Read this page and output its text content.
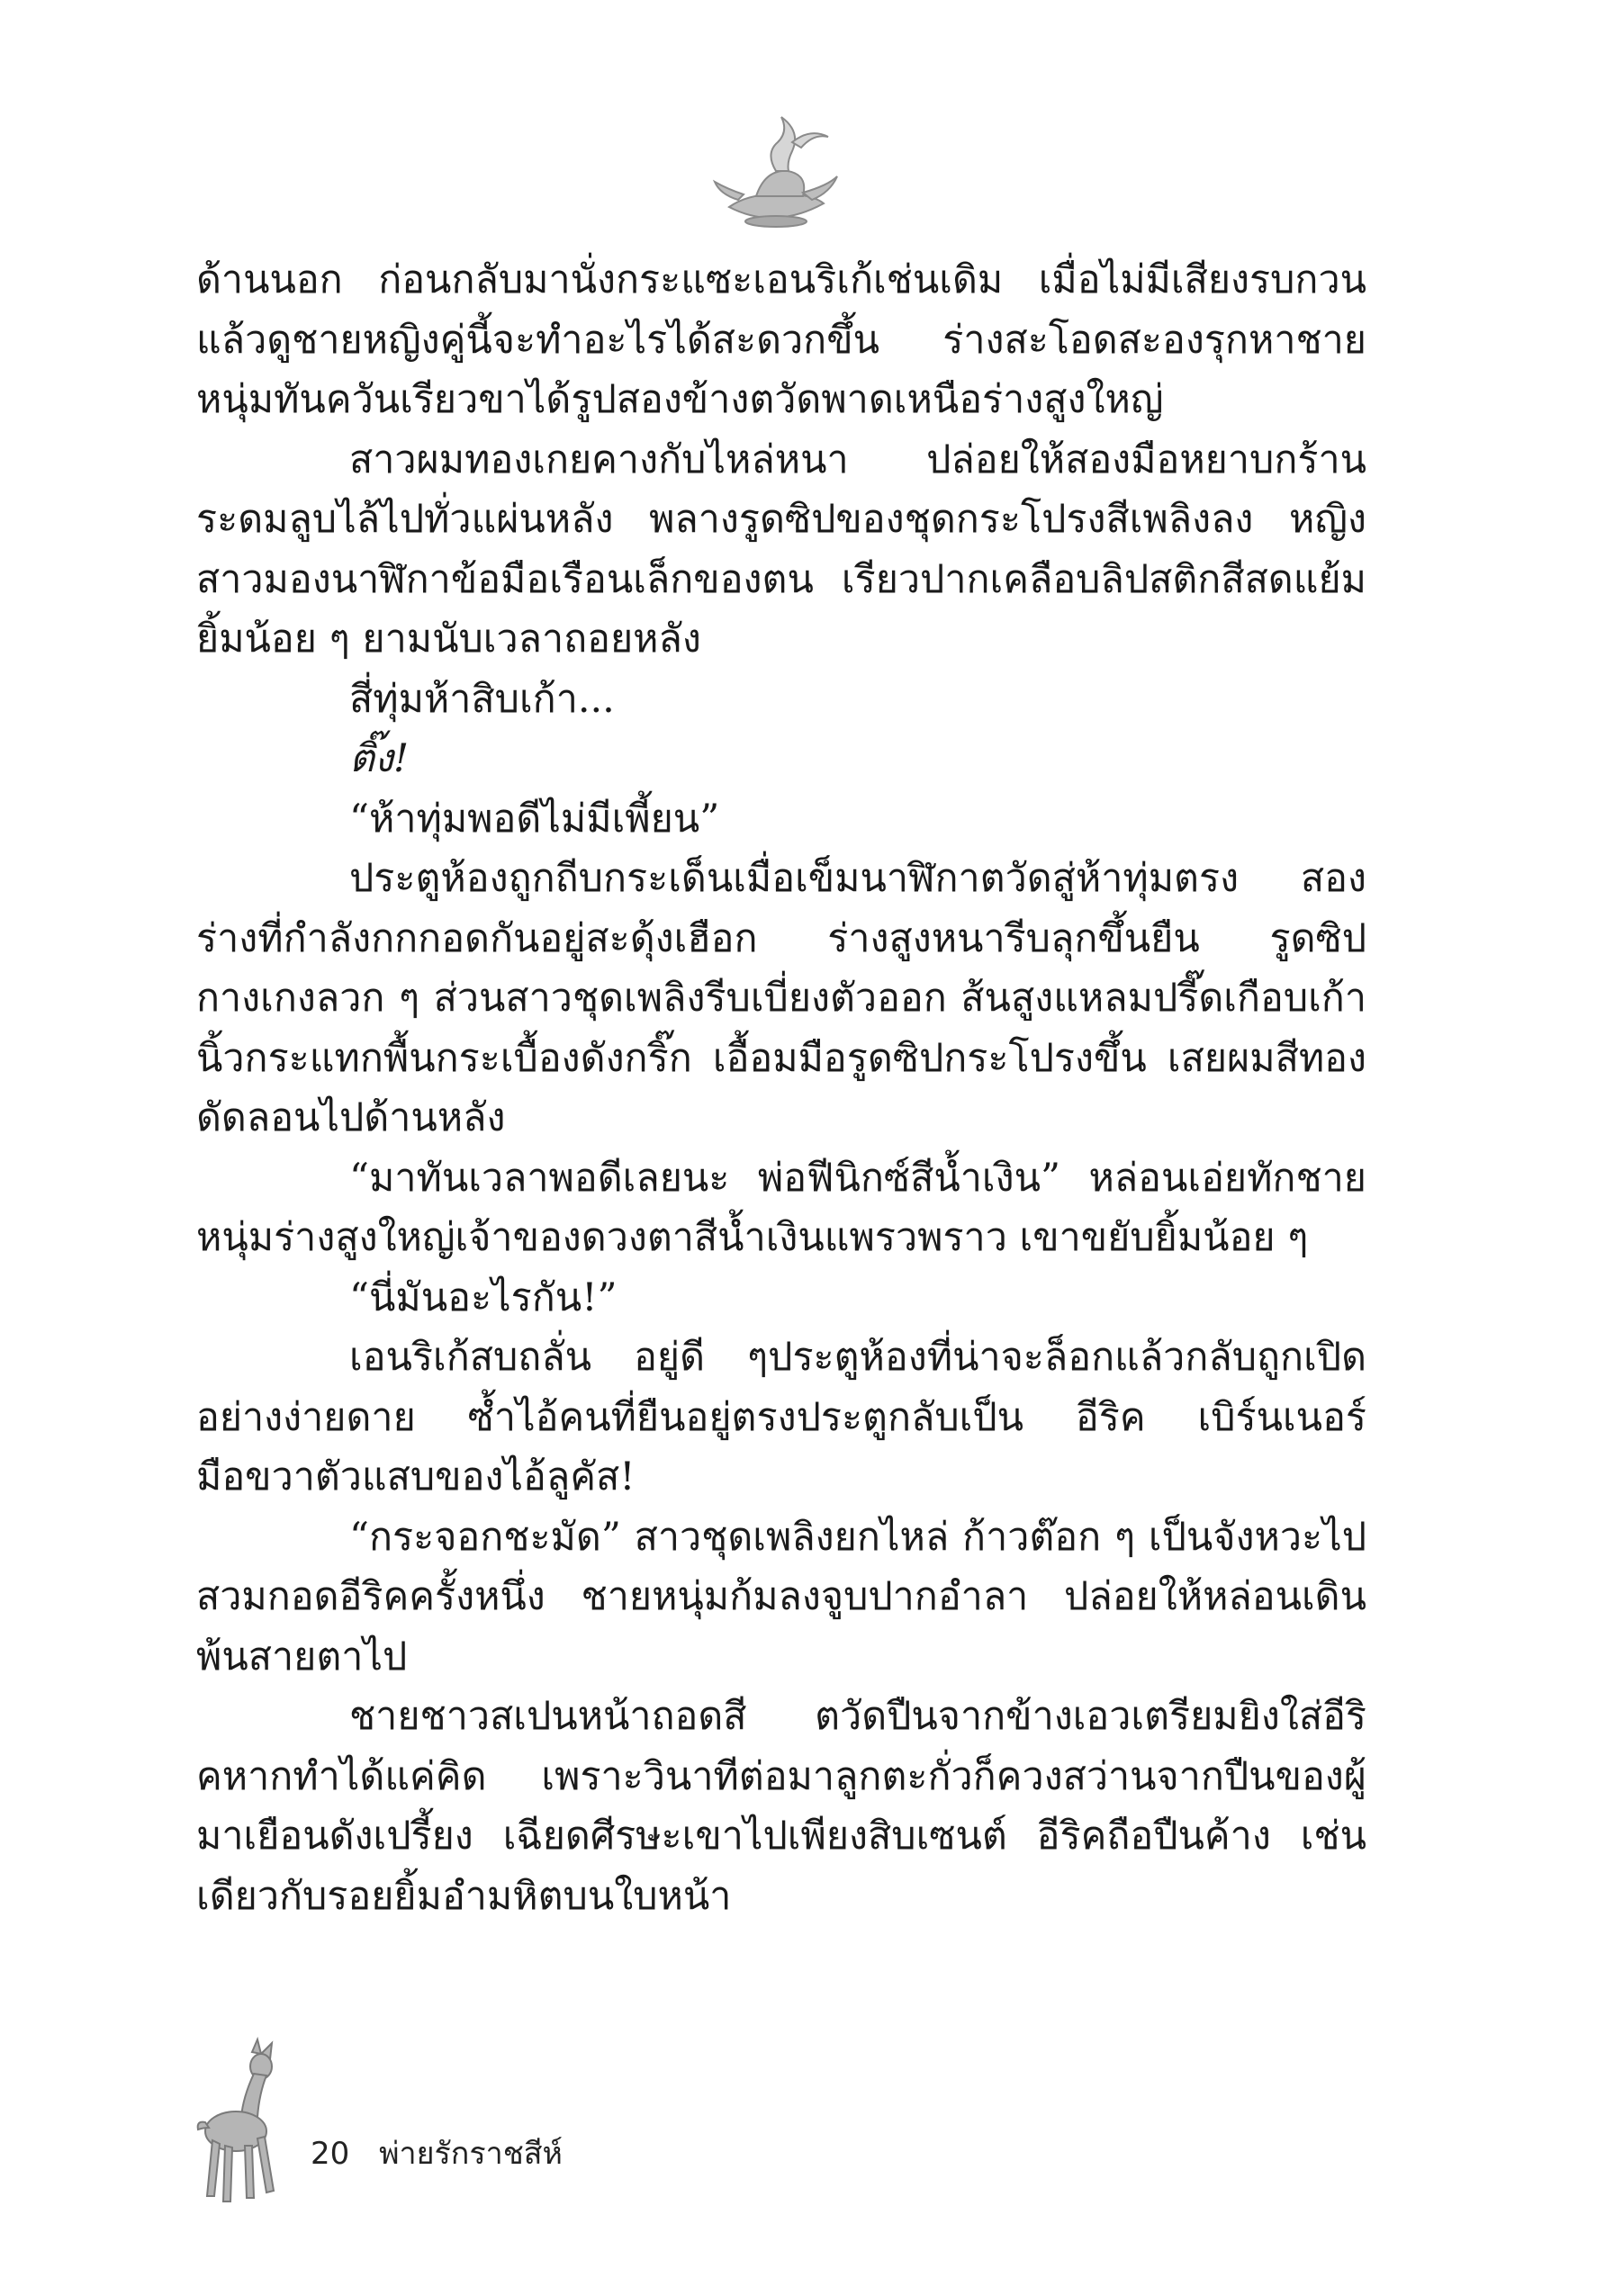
ด้านนอก ก่อนกลับมานั่งกระแซะเอนริเก้เช่นเดิม เมื่อไม่มีเสียงรบกวนแล้วดูชายหญิงคู่นี้จะทำอะไรได้สะดวกขึ้น ร่างสะโอดสะองรุกหาชายหนุ่มทันควันเรียวขาได้รูปสองข้างตวัดพาดเหนือร่างสูงใหญ่

สาวผมทองเกยคางกับไหล่หนา ปล่อยให้สองมือหยาบกร้านระดมลูบไล้ไปทั่วแผ่นหลัง พลางรูดซิปของชุดกระโปรงสีเพลิงลง หญิงสาวมองนาฬิกาข้อมือเรือนเล็กของตน เรียวปากเคลือบลิปสติกสีสดแย้มยิ้มน้อย ๆ ยามนับเวลาถอยหลัง

สี่ทุ่มห้าสิบเก้า...

ติ๊ง!

“ห้าทุ่มพอดีไม่มีเพี้ยน”

ประตูห้องถูกถีบกระเด็นเมื่อเข็มนาฬิกาตวัดสู่ห้าทุ่มตรง สองร่างที่กำลังกกกอดกันอยู่สะดุ้งเฮือก ร่างสูงหนารีบลุกขึ้นยืน รูดซิปกางเกงลวก ๆ ส่วนสาวชุดเพลิงรีบเบี่ยงตัวออก ส้นสูงแหลมปรี๊ดเกือบเก้านิ้วกระแทกพื้นกระเบื้องดังกริ๊ก เอื้อมมือรูดซิปกระโปรงขึ้น เสยผมสีทองดัดลอนไปด้านหลัง

“มาทันเวลาพอดีเลยนะ พ่อฟีนิกซ์สีน้ำเงิน” หล่อนเอ่ยทักชายหนุ่มร่างสูงใหญ่เจ้าของดวงตาสีน้ำเงินแพรวพราว เขาขยับยิ้มน้อย ๆ

“นี่มันอะไรกัน!”

เอนริเก้สบถลั่น อยู่ดี ๆประตูห้องที่น่าจะล็อกแล้วกลับถูกเปิดอย่างง่ายดาย ซ้ำไอ้คนที่ยืนอยู่ตรงประตูกลับเป็น อีริค เบิร์นเนอร์ มือขวาตัวแสบของไอ้ลูคัส!

“กระจอกชะมัด” สาวชุดเพลิงยกไหล่ ก้าวต๊อก ๆ เป็นจังหวะไปสวมกอดอีริคครั้งหนึ่ง ชายหนุ่มก้มลงจูบปากอำลา ปล่อยให้หล่อนเดินพ้นสายตาไป

ชายชาวสเปนหน้าถอดสี ตวัดปืนจากข้างเอวเตรียมยิงใส่อีริคหากทำได้แค่คิด เพราะวินาทีต่อมาลูกตะกั่วก็ควงสว่านจากปืนของผู้มาเยือนดังเปรี้ยง เฉียดศีรษะเขาไปเพียงสิบเซนต์ อีริคถือปืนค้าง เช่นเดียวกับรอยยิ้มอำมหิตบนใบหน้า

20 พ่ายรักราชสีห์
